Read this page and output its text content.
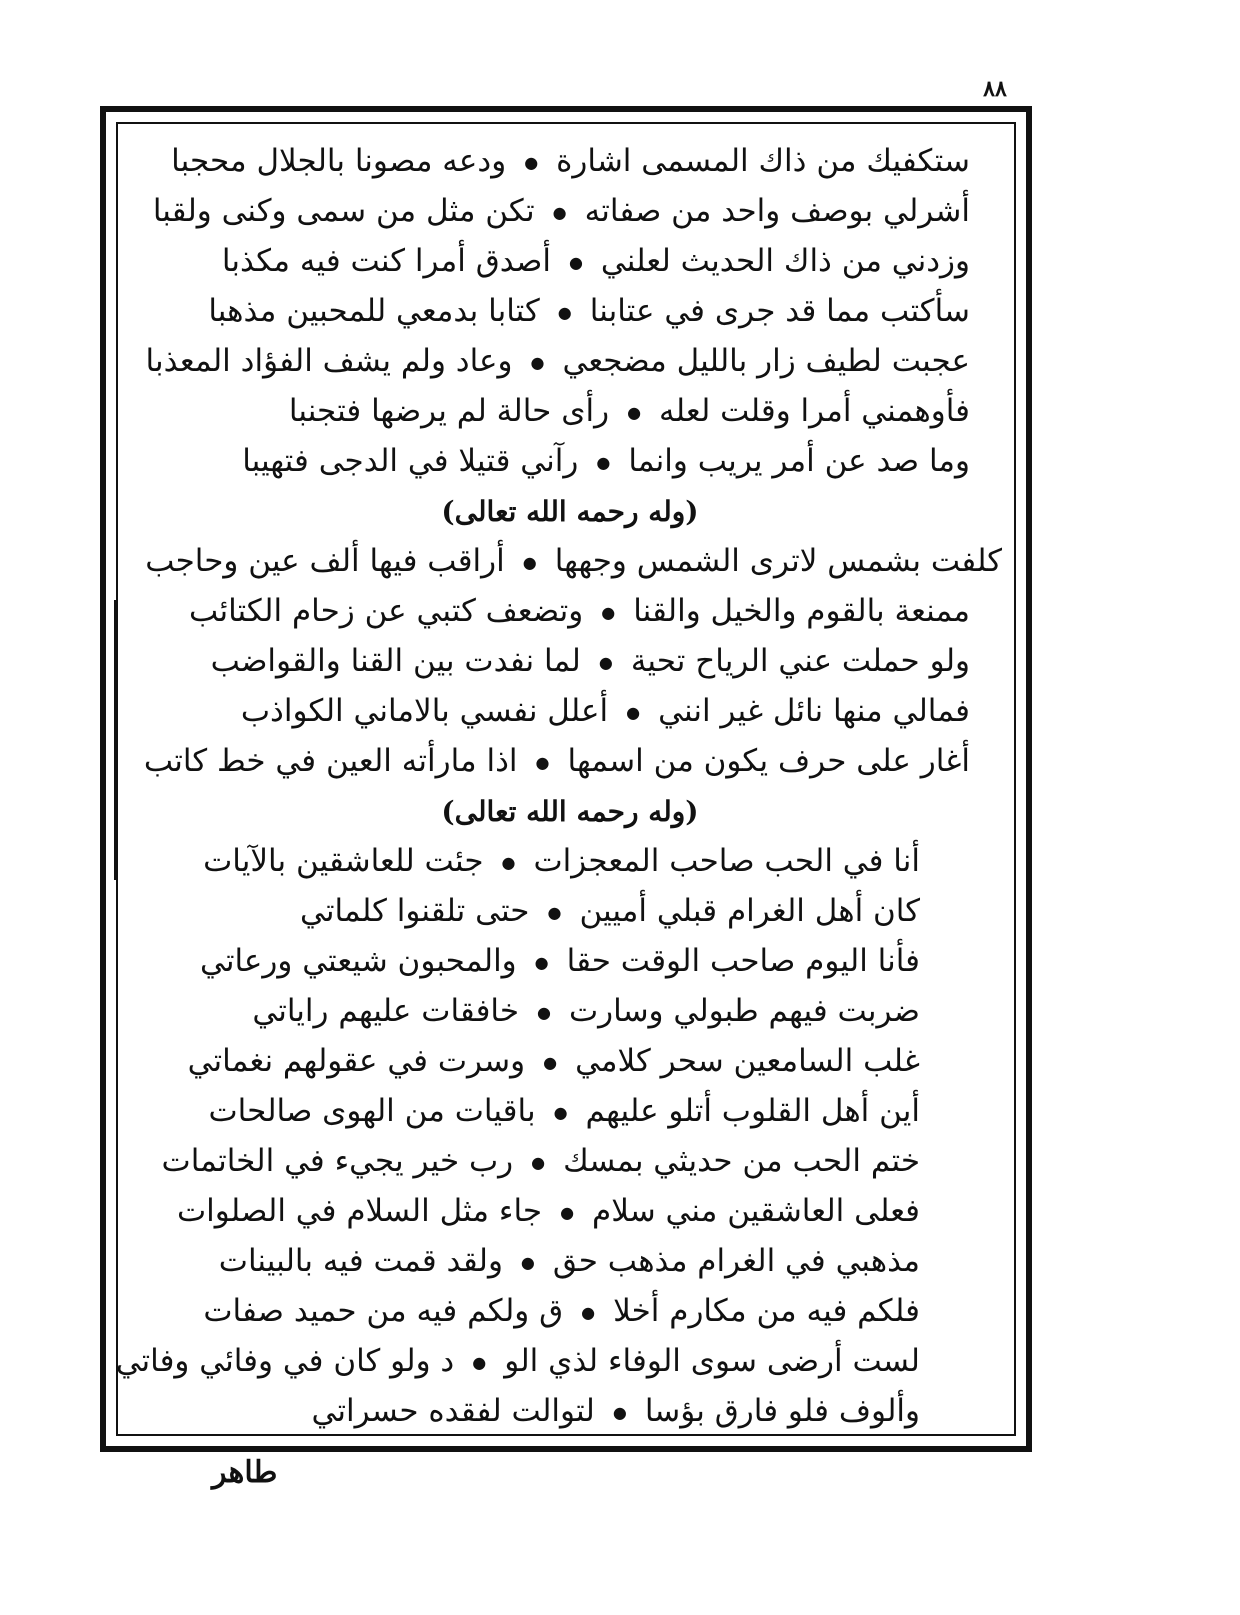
٨٨
ستكفيك من ذاك المسمى اشارة●ودعه مصونا بالجلال محجبا
أشرلي بوصف واحد من صفاته●تكن مثل من سمى وكنى ولقبا
وزدني من ذاك الحديث لعلني●أصدق أمرا كنت فيه مكذبا
سأكتب مما قد جرى في عتابنا●كتابا بدمعي للمحبين مذهبا
عجبت لطيف زار بالليل مضجعي●وعاد ولم يشف الفؤاد المعذبا
فأوهمني أمرا وقلت لعله●رأى حالة لم يرضها فتجنبا
وما صد عن أمر يريب وانما●رآني قتيلا في الدجى فتهيبا
(وله رحمه الله تعالى)
كلفت بشمس لاترى الشمس وجهها●أراقب فيها ألف عين وحاجب
ممنعة بالقوم والخيل والقنا●وتضعف كتبي عن زحام الكتائب
ولو حملت عني الرياح تحية●لما نفدت بين القنا والقواضب
فمالي منها نائل غير انني●أعلل نفسي بالاماني الكواذب
أغار على حرف يكون من اسمها●اذا مارأته العين في خط كاتب
(وله رحمه الله تعالى)
أنا في الحب صاحب المعجزات●جئت للعاشقين بالآيات
كان أهل الغرام قبلي أميين●حتى تلقنوا كلماتي
فأنا اليوم صاحب الوقت حقا●والمحبون شيعتي ورعاتي
ضربت فيهم طبولي وسارت●خافقات عليهم راياتي
غلب السامعين سحر كلامي●وسرت في عقولهم نغماتي
أين أهل القلوب أتلو عليهم●باقيات من الهوى صالحات
ختم الحب من حديثي بمسك●رب خير يجيء في الخاتمات
فعلى العاشقين مني سلام●جاء مثل السلام في الصلوات
مذهبي في الغرام مذهب حق●ولقد قمت فيه بالبينات
فلكم فيه من مكارم أخلا●ق ولكم فيه من حميد صفات
لست أرضى سوى الوفاء لذي الو●د ولو كان في وفائي وفاتي
وألوف فلو فارق بؤسا●لتوالت لفقده حسراتي
طاهر
